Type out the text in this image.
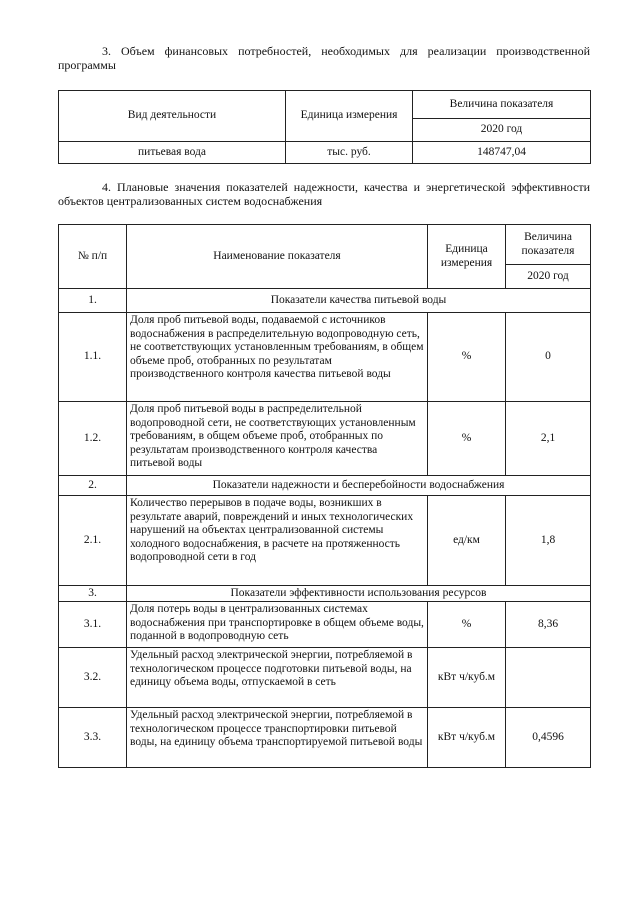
3. Объем финансовых потребностей, необходимых для реализации производственной программы

Вид деятельности	Единица измерения	Величина показателя
		2020 год
питьевая вода	тыс. руб.	148747,04

4. Плановые значения показателей надежности, качества и энергетической эффективности объектов централизованных систем водоснабжения

№ п/п	Наименование показателя	Единица измерения	Величина показателя
			2020 год
1.	Показатели качества питьевой воды		
1.1.	Доля проб питьевой воды, подаваемой с источников водоснабжения в распределительную водопроводную сеть, не соответствующих установленным требованиям, в общем объеме проб, отобранных по результатам производственного контроля качества питьевой воды	%	0
1.2.	Доля проб питьевой воды в распределительной водопроводной сети, не соответствующих установленным требованиям, в общем объеме проб, отобранных по результатам производственного контроля качества питьевой воды	%	2,1
2.	Показатели надежности и бесперебойности водоснабжения		
2.1.	Количество перерывов в подаче воды, возникших в результате аварий, повреждений и иных технологических нарушений на объектах централизованной системы холодного водоснабжения, в расчете на протяженность водопроводной сети в год	ед/км	1,8
3.	Показатели эффективности использования ресурсов		
3.1.	Доля потерь воды в централизованных системах водоснабжения при транспортировке в общем объеме воды, поданной в водопроводную сеть	%	8,36
3.2.	Удельный расход электрической энергии, потребляемой в технологическом процессе подготовки питьевой воды, на единицу объема воды, отпускаемой в сеть	кВт ч/куб.м	
3.3.	Удельный расход электрической энергии, потребляемой в технологическом процессе транспортировки питьевой воды, на единицу объема транспортируемой питьевой воды	кВт ч/куб.м	0,4596
